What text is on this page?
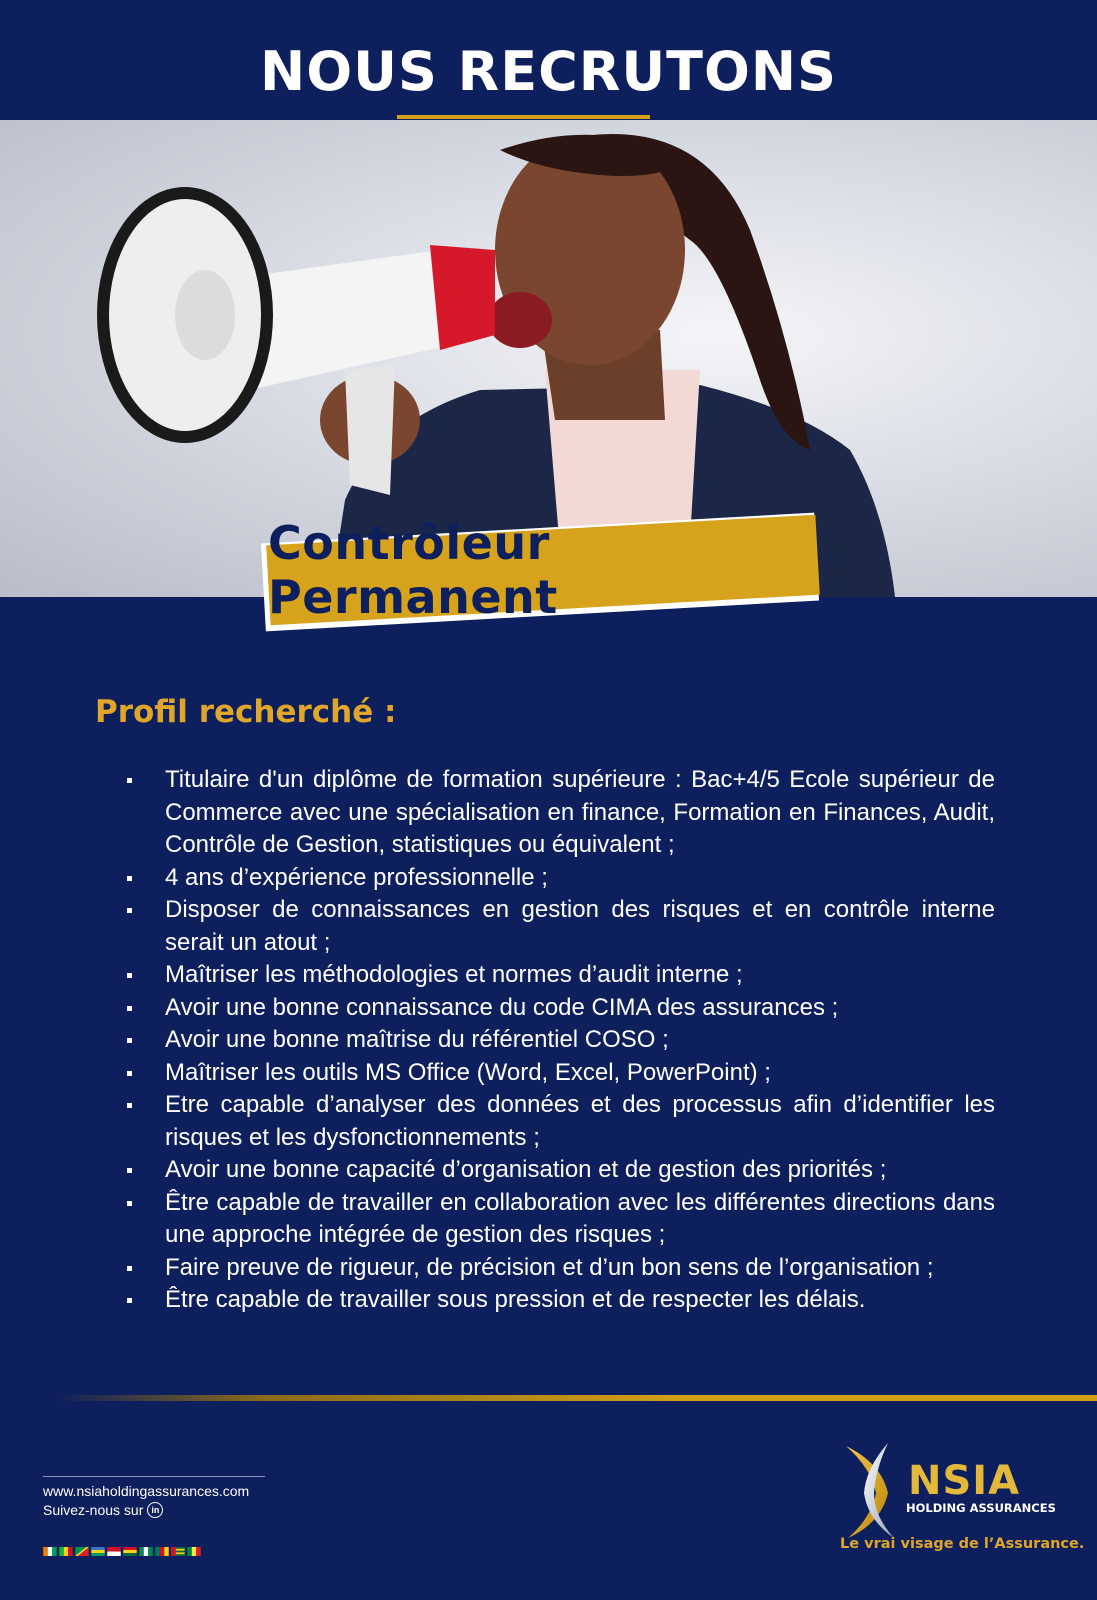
NOUS RECRUTONS
Contrôleur Permanent
Profil recherché :
Titulaire d'un diplôme de formation supérieure : Bac+4/5 Ecole supérieur de Commerce avec une spécialisation en finance, Formation en Finances, Audit, Contrôle de Gestion, statistiques ou équivalent ;
4 ans d’expérience professionnelle ;
Disposer de connaissances en gestion des risques et en contrôle interne serait un atout ;
Maîtriser les méthodologies et normes d’audit interne ;
Avoir une bonne connaissance du code CIMA des assurances ;
Avoir une bonne maîtrise du référentiel COSO ;
Maîtriser les outils MS Office (Word, Excel, PowerPoint) ;
Etre capable d’analyser des données et des processus afin d’identifier les risques et les dysfonctionnements ;
Avoir une bonne capacité d’organisation et de gestion des priorités ;
Être capable de travailler en collaboration avec les différentes directions dans une approche intégrée de gestion des risques ;
Faire preuve de rigueur, de précision et d’un bon sens de l’organisation ;
Être capable de travailler sous pression et de respecter les délais.
www.nsiaholdingassurances.com
Suivez-nous sur in
NSIA
HOLDING ASSURANCES
Le vrai visage de l’Assurance.
